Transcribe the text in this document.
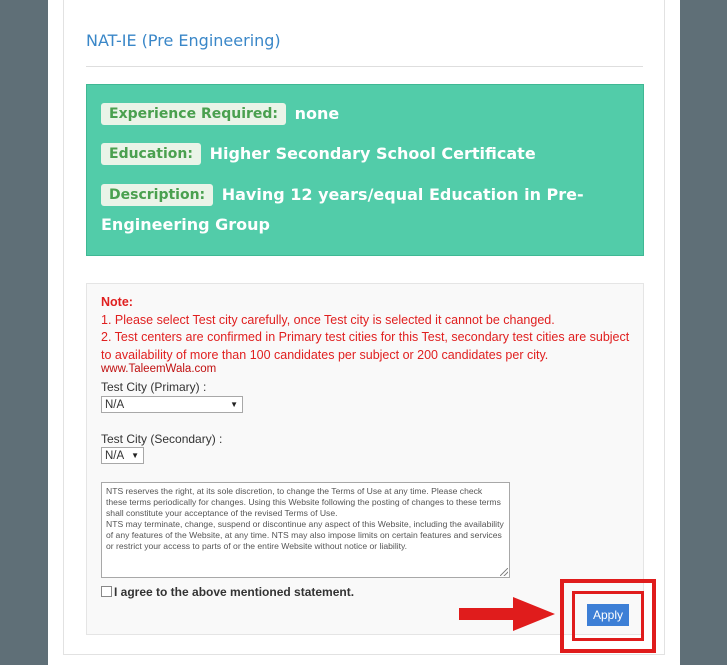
NAT-IE (Pre Engineering)
Experience Required: none
Education: Higher Secondary School Certificate
Description: Having 12 years/equal Education in Pre-Engineering Group
Note:
1. Please select Test city carefully, once Test city is selected it cannot be changed.
2. Test centers are confirmed in Primary test cities for this Test, secondary test cities are subject to availability of more than 100 candidates per subject or 200 candidates per city.
www.TaleemWala.com
Test City (Primary) :
N/A	▼
Test City (Secondary) :
N/A ▼
NTS reserves the right, at its sole discretion, to change the Terms of Use at any time. Please check these terms periodically for changes. Using this Website following the posting of changes to these terms shall constitute your acceptance of the revised Terms of Use.
NTS may terminate, change, suspend or discontinue any aspect of this Website, including the availability of any features of the Website, at any time. NTS may also impose limits on certain features and services or restrict your access to parts of or the entire Website without notice or liability.
I agree to the above mentioned statement.
Apply
